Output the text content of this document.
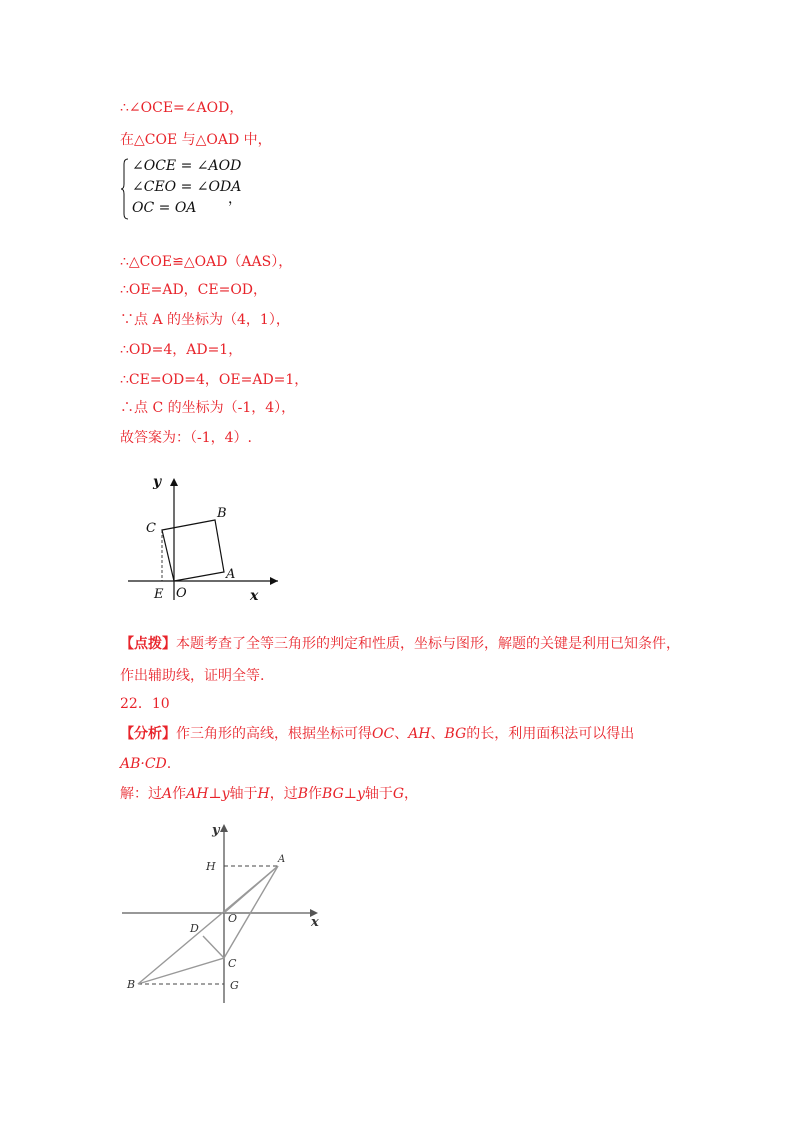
∴∠OCE=∠AOD，
在△COE 与△OAD 中，
∠OCE = ∠AOD
∠CEO = ∠ODA
OC = OA
，
∴△COE≌△OAD（AAS），
∴OE=AD，CE=OD，
∵点 A 的坐标为（4，1），
∴OD=4，AD=1，
∴CE=OD=4，OE=AD=1，
∴点 C 的坐标为（-1，4），
故答案为：（-1，4）.
y
x
B
C
A
E O
【点拨】本题考查了全等三角形的判定和性质，坐标与图形，解题的关键是利用已知条件，
作出辅助线，证明全等.
22．10
【分析】作三角形的高线，根据坐标可得OC、AH、BG的长，利用面积法可以得出
AB·CD.
解：过A作AH⊥y轴于H，过B作BG⊥y轴于G，
y
x
H
A
O
D
C
B	G
